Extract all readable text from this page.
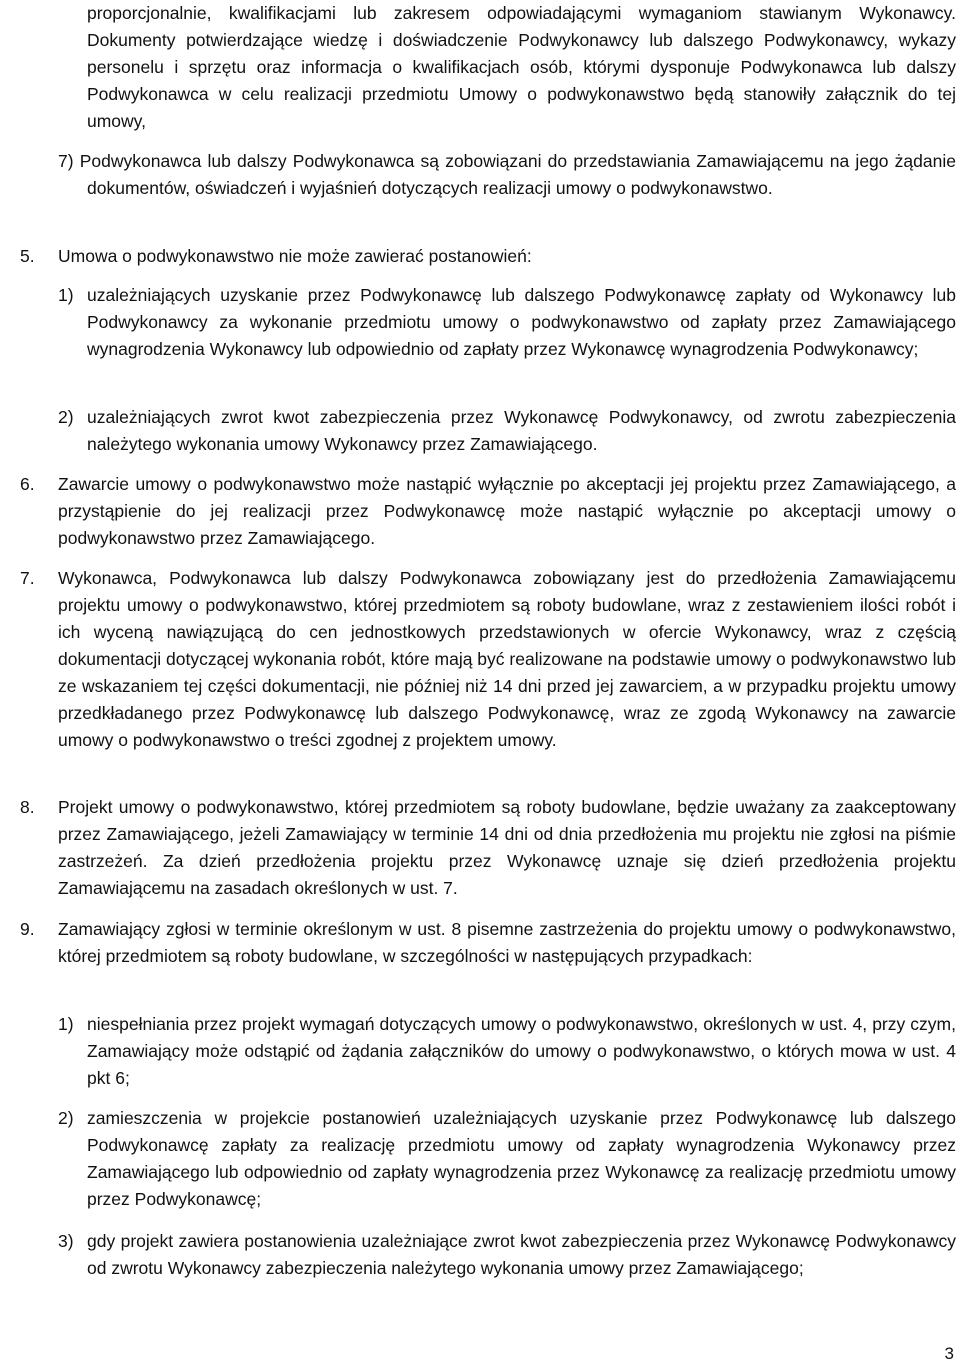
proporcjonalnie, kwalifikacjami lub zakresem odpowiadającymi wymaganiom stawianym Wykonawcy. Dokumenty potwierdzające wiedzę i doświadczenie Podwykonawcy lub dalszego Podwykonawcy, wykazy personelu i sprzętu oraz informacja o kwalifikacjach osób, którymi dysponuje Podwykonawca lub dalszy Podwykonawca w celu realizacji przedmiotu Umowy o podwykonawstwo będą stanowiły załącznik do tej umowy,

7) Podwykonawca lub dalszy Podwykonawca są zobowiązani do przedstawiania Zamawiającemu na jego żądanie dokumentów, oświadczeń i wyjaśnień dotyczących realizacji umowy o podwykonawstwo.

5. Umowa o podwykonawstwo nie może zawierać postanowień:

1) uzależniających uzyskanie przez Podwykonawcę lub dalszego Podwykonawcę zapłaty od Wykonawcy lub Podwykonawcy za wykonanie przedmiotu umowy o podwykonawstwo od zapłaty przez Zamawiającego wynagrodzenia Wykonawcy lub odpowiednio od zapłaty przez Wykonawcę wynagrodzenia Podwykonawcy;

2) uzależniających zwrot kwot zabezpieczenia przez Wykonawcę Podwykonawcy, od zwrotu zabezpieczenia należytego wykonania umowy Wykonawcy przez Zamawiającego.

6. Zawarcie umowy o podwykonawstwo może nastąpić wyłącznie po akceptacji jej projektu przez Zamawiającego, a przystąpienie do jej realizacji przez Podwykonawcę może nastąpić wyłącznie po akceptacji umowy o podwykonawstwo przez Zamawiającego.

7. Wykonawca, Podwykonawca lub dalszy Podwykonawca zobowiązany jest do przedłożenia Zamawiającemu projektu umowy o podwykonawstwo, której przedmiotem są roboty budowlane, wraz z zestawieniem ilości robót i ich wyceną nawiązującą do cen jednostkowych przedstawionych w ofercie Wykonawcy, wraz z częścią dokumentacji dotyczącej wykonania robót, które mają być realizowane na podstawie umowy o podwykonawstwo lub ze wskazaniem tej części dokumentacji, nie później niż 14 dni przed jej zawarciem, a w przypadku projektu umowy przedkładanego przez Podwykonawcę lub dalszego Podwykonawcę, wraz ze zgodą Wykonawcy na zawarcie umowy o podwykonawstwo o treści zgodnej z projektem umowy.

8. Projekt umowy o podwykonawstwo, której przedmiotem są roboty budowlane, będzie uważany za zaakceptowany przez Zamawiającego, jeżeli Zamawiający w terminie 14 dni od dnia przedłożenia mu projektu nie zgłosi na piśmie zastrzeżeń. Za dzień przedłożenia projektu przez Wykonawcę uznaje się dzień przedłożenia projektu Zamawiającemu na zasadach określonych w ust. 7.

9. Zamawiający zgłosi w terminie określonym w ust. 8 pisemne zastrzeżenia do projektu umowy o podwykonawstwo, której przedmiotem są roboty budowlane, w szczególności w następujących przypadkach:

1) niespełniania przez projekt wymagań dotyczących umowy o podwykonawstwo, określonych w ust. 4, przy czym, Zamawiający może odstąpić od żądania załączników do umowy o podwykonawstwo, o których mowa w ust. 4 pkt 6;

2) zamieszczenia w projekcie postanowień uzależniających uzyskanie przez Podwykonawcę lub dalszego Podwykonawcę zapłaty za realizację przedmiotu umowy od zapłaty wynagrodzenia Wykonawcy przez Zamawiającego lub odpowiednio od zapłaty wynagrodzenia przez Wykonawcę za realizację przedmiotu umowy przez Podwykonawcę;

3) gdy projekt zawiera postanowienia uzależniające zwrot kwot zabezpieczenia przez Wykonawcę Podwykonawcy od zwrotu Wykonawcy zabezpieczenia należytego wykonania umowy przez Zamawiającego;

3
